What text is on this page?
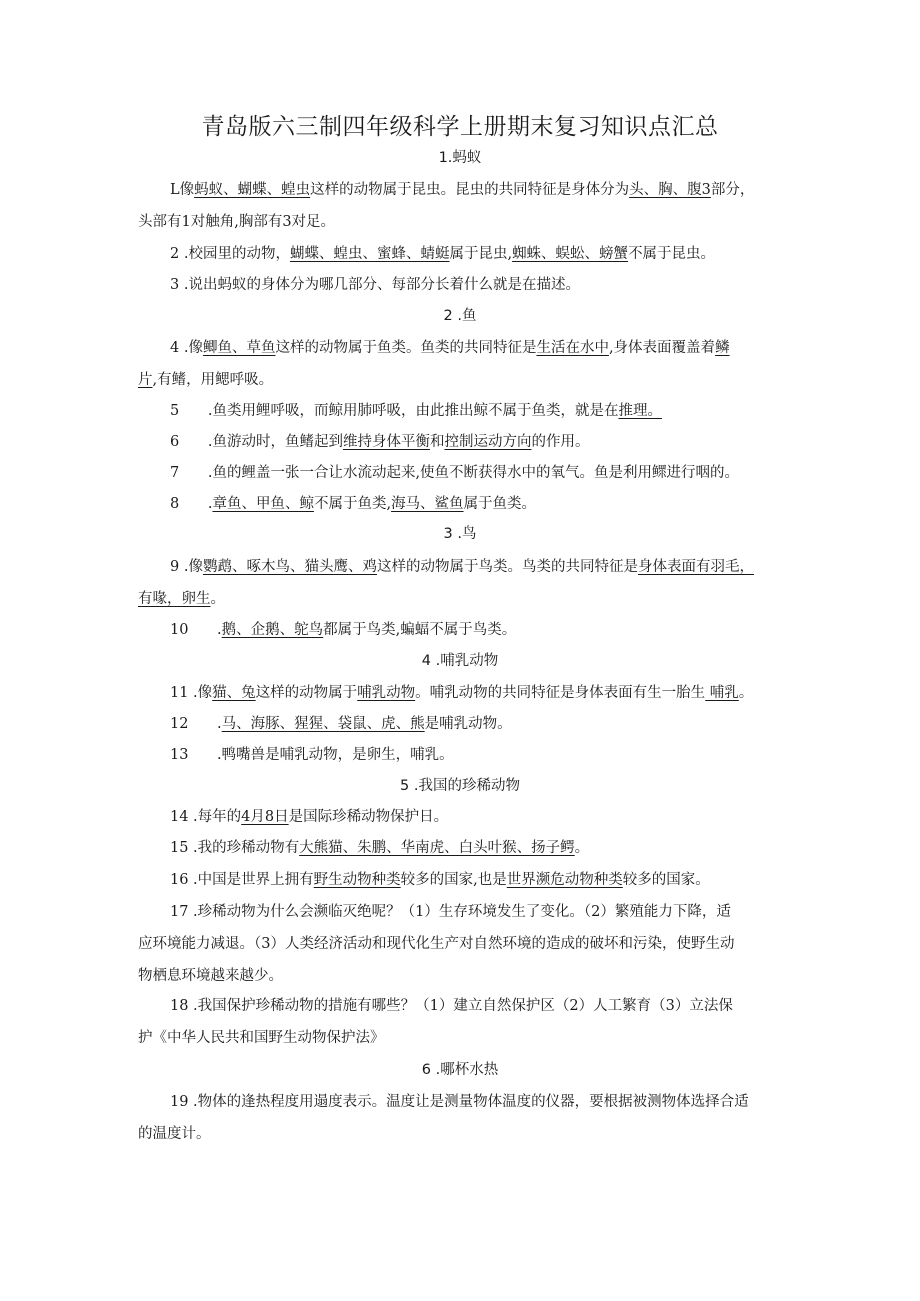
青岛版六三制四年级科学上册期末复习知识点汇总
1.蚂蚁
L像蚂蚁、蝴蝶、蝗虫这样的动物属于昆虫。昆虫的共同特征是身体分为头、胸、腹3部分，
头部有1对触角,胸部有3对足。
2 .校园里的动物，蝴蝶、蝗虫、蜜蜂、蜻蜓属于昆虫,蜘蛛、蜈蚣、螃蟹不属于昆虫。
3 .说出蚂蚁的身体分为哪几部分、每部分长着什么就是在描述。
2 .鱼
4 .像鲫鱼、草鱼这样的动物属于鱼类。鱼类的共同特征是生活在水中,身体表面覆盖着鳞
片,有鳍，用鳃呼吸。
5 .鱼类用鲤呼吸，而鲸用肺呼吸，由此推出鲸不属于鱼类，就是在推理。
6 .鱼游动时，鱼鳍起到维持身体平衡和控制运动方向的作用。
7 .鱼的鲤盖一张一合让水流动起来,使鱼不断获得水中的氧气。鱼是利用鳏进行咽的。
8 .章鱼、甲鱼、鲸不属于鱼类,海马、鲨鱼属于鱼类。
3 .鸟
9 .像鹦鹉、啄木鸟、猫头鹰、鸡这样的动物属于鸟类。鸟类的共同特征是身体表面有羽毛，
有喙，卵生。
10 .鹅、企鹅、鸵鸟都属于鸟类,蝙蝠不属于鸟类。
4 .哺乳动物
11 .像猫、兔这样的动物属于哺乳动物。哺乳动物的共同特征是身体表面有生一胎生 哺乳。
12 .马、海豚、猩猩、袋鼠、虎、熊是哺乳动物。
13 .鸭嘴兽是哺乳动物，是卵生，哺乳。
5 .我国的珍稀动物
14 .每年的4月8日是国际珍稀动物保护日。
15 .我的珍稀动物有大熊猫、朱鹏、华南虎、白头叶猴、扬子鳄。
16 .中国是世界上拥有野生动物种类较多的国家,也是世界濒危动物种类较多的国家。
17 .珍稀动物为什么会濒临灭绝呢？（1）生存环境发生了变化。（2）繁殖能力下降，适
应环境能力减退。（3）人类经济活动和现代化生产对自然环境的造成的破坏和污染，使野生动
物栖息环境越来越少。
18 .我国保护珍稀动物的措施有哪些？（1）建立自然保护区（2）人工繁育（3）立法保
护《中华人民共和国野生动物保护法》
6 .哪杯水热
19 .物体的逢热程度用遢度表示。温度让是测量物体温度的仪器，要根据被测物体选择合适
的温度计。
